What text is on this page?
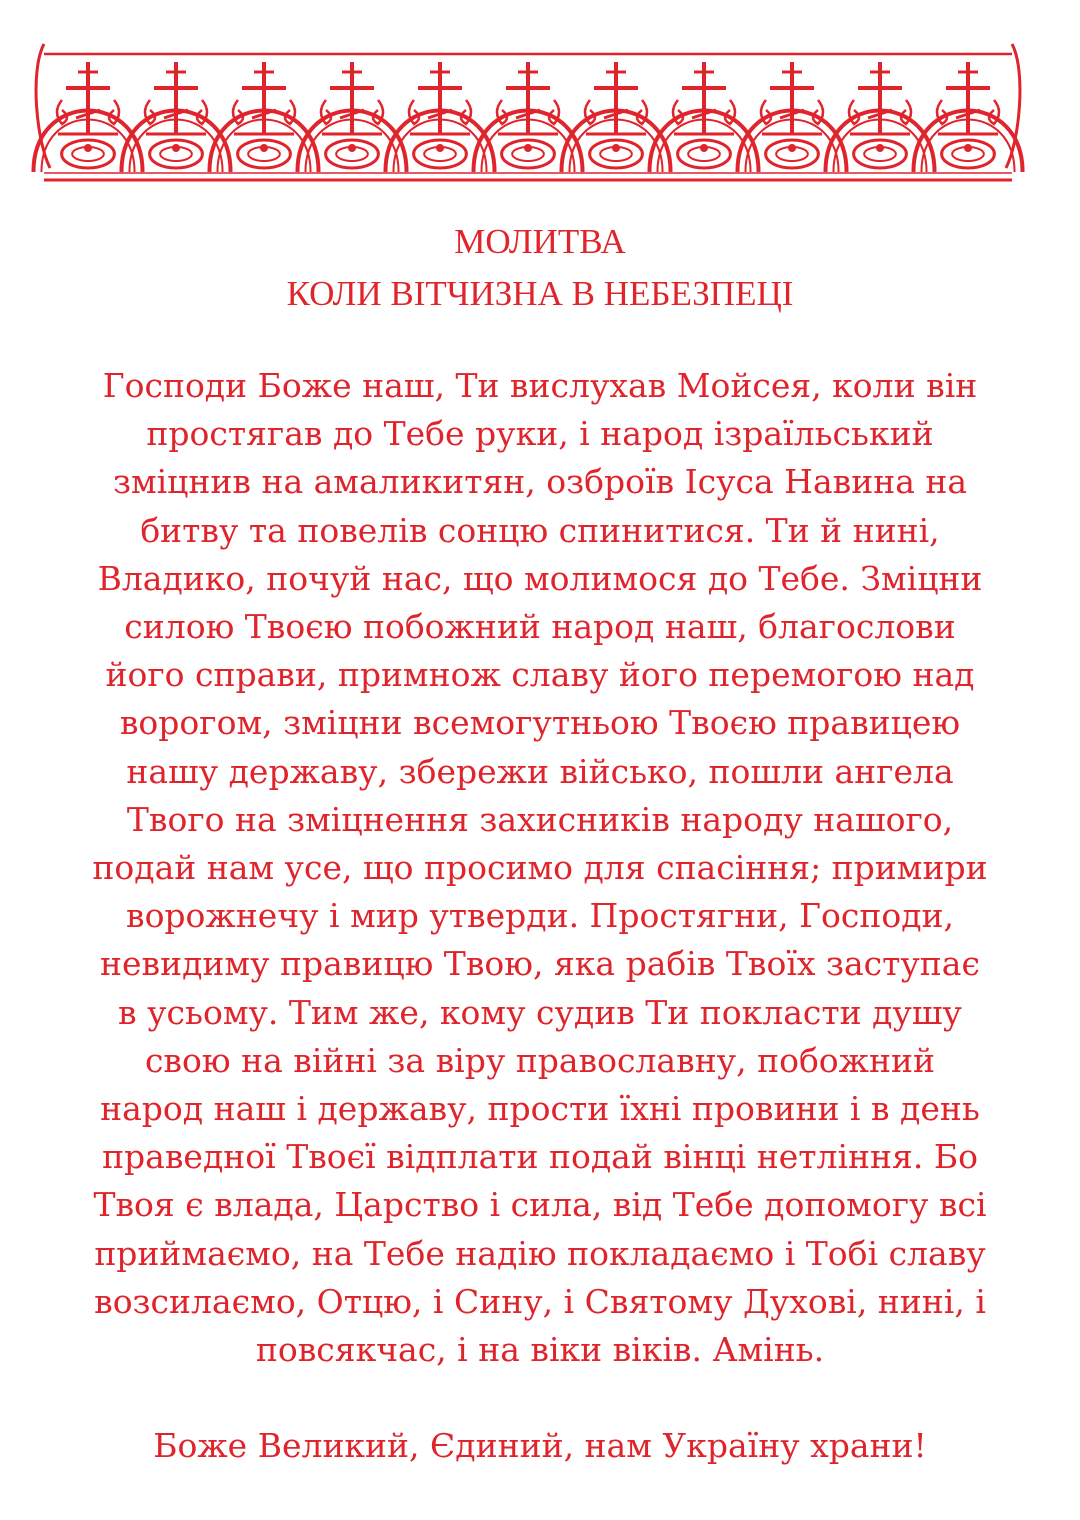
МОЛИТВА
КОЛИ ВІТЧИЗНА В НЕБЕЗПЕЦІ
Господи Боже наш, Ти вислухав Мойсея, коли він
простягав до Тебе руки, і народ ізраїльський
зміцнив на амаликитян, озброїв Ісуса Навина на
битву та повелів сонцю спинитися. Ти й нині,
Владико, почуй нас, що молимося до Тебе. Зміцни
силою Твоєю побожний народ наш, благослови
його справи, примнож славу його перемогою над
ворогом, зміцни всемогутньою Твоєю правицею
нашу державу, збережи військо, пошли ангела
Твого на зміцнення захисників народу нашого,
подай нам усе, що просимо для спасіння; примири
ворожнечу і мир утверди. Простягни, Господи,
невидиму правицю Твою, яка рабів Твоїх заступає
в усьому. Тим же, кому судив Ти покласти душу
свою на війні за віру православну, побожний
народ наш і державу, прости їхні провини і в день
праведної Твоєї відплати подай вінці нетління. Бо
Твоя є влада, Царство і сила, від Тебе допомогу всі
приймаємо, на Тебе надію покладаємо і Тобі славу
возсилаємо, Отцю, і Сину, і Святому Духові, нині, і
повсякчас, і на віки віків. Амінь.
Боже Великий, Єдиний, нам Україну храни!
